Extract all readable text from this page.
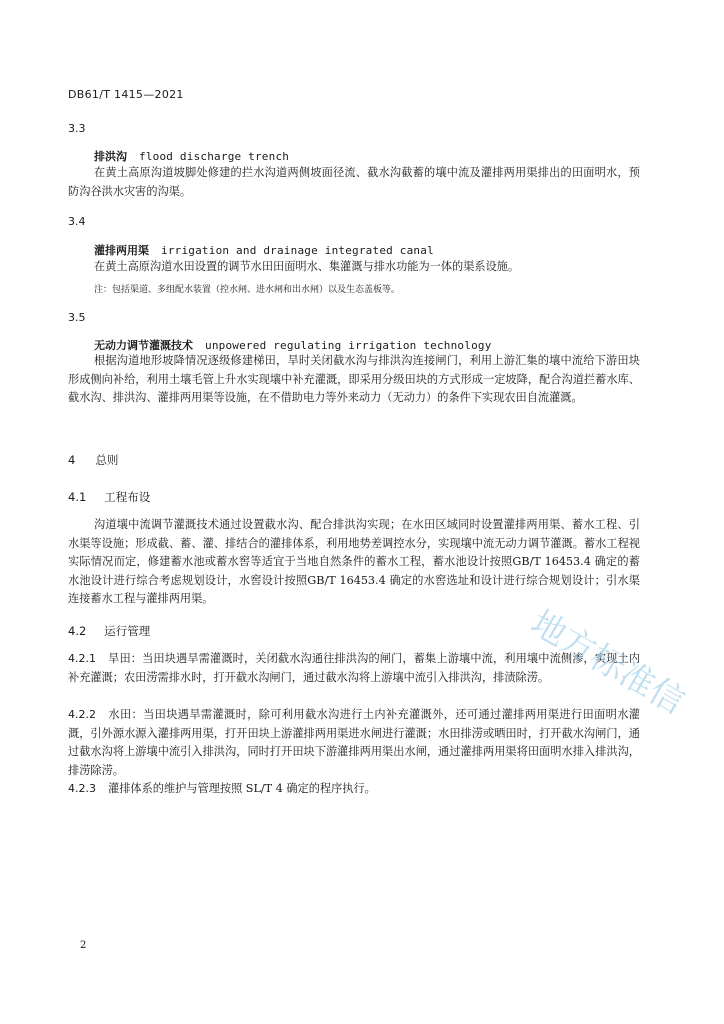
DB61/T 1415—2021
3.3
排洪沟 flood discharge trench
在黄土高原沟道坡脚处修建的拦水沟道两侧坡面径流、截水沟截蓄的壤中流及灌排两用渠排出的田面明水，预防沟谷洪水灾害的沟渠。
3.4
灌排两用渠 irrigation and drainage integrated canal
在黄土高原沟道水田设置的调节水田田面明水、集灌溉与排水功能为一体的渠系设施。
注：包括渠道、多组配水装置（控水闸、进水闸和出水闸）以及生态盖板等。
3.5
无动力调节灌溉技术 unpowered regulating irrigation technology
根据沟道地形坡降情况逐级修建梯田，旱时关闭截水沟与排洪沟连接闸门，利用上游汇集的壤中流给下游田块形成侧向补给，利用土壤毛管上升水实现壤中补充灌溉，即采用分级田块的方式形成一定坡降，配合沟道拦蓄水库、截水沟、排洪沟、灌排两用渠等设施，在不借助电力等外来动力（无动力）的条件下实现农田自流灌溉。
4 总则
4.1 工程布设
沟道壤中流调节灌溉技术通过设置截水沟、配合排洪沟实现；在水田区域同时设置灌排两用渠、蓄水工程、引水渠等设施；形成截、蓄、灌、排结合的灌排体系，利用地势差调控水分，实现壤中流无动力调节灌溉。蓄水工程视实际情况而定，修建蓄水池或蓄水窖等适宜于当地自然条件的蓄水工程，蓄水池设计按照GB/T 16453.4 确定的蓄水池设计进行综合考虑规划设计，水窖设计按照GB/T 16453.4 确定的水窖选址和设计进行综合规划设计；引水渠连接蓄水工程与灌排两用渠。
4.2 运行管理
4.2.1 旱田：当田块遇旱需灌溉时，关闭截水沟通往排洪沟的闸门，蓄集上游壤中流，利用壤中流侧渗，实现土内补充灌溉；农田涝需排水时，打开截水沟闸门，通过截水沟将上游壤中流引入排洪沟，排渍除涝。
4.2.2 水田：当田块遇旱需灌溉时，除可利用截水沟进行土内补充灌溉外，还可通过灌排两用渠进行田面明水灌溉，引外源水源入灌排两用渠，打开田块上游灌排两用渠进水闸进行灌溉；水田排涝或晒田时，打开截水沟闸门，通过截水沟将上游壤中流引入排洪沟，同时打开田块下游灌排两用渠出水闸，通过灌排两用渠将田面明水排入排洪沟，排涝除涝。
4.2.3 灌排体系的维护与管理按照 SL/T 4 确定的程序执行。
2
地方标准信
